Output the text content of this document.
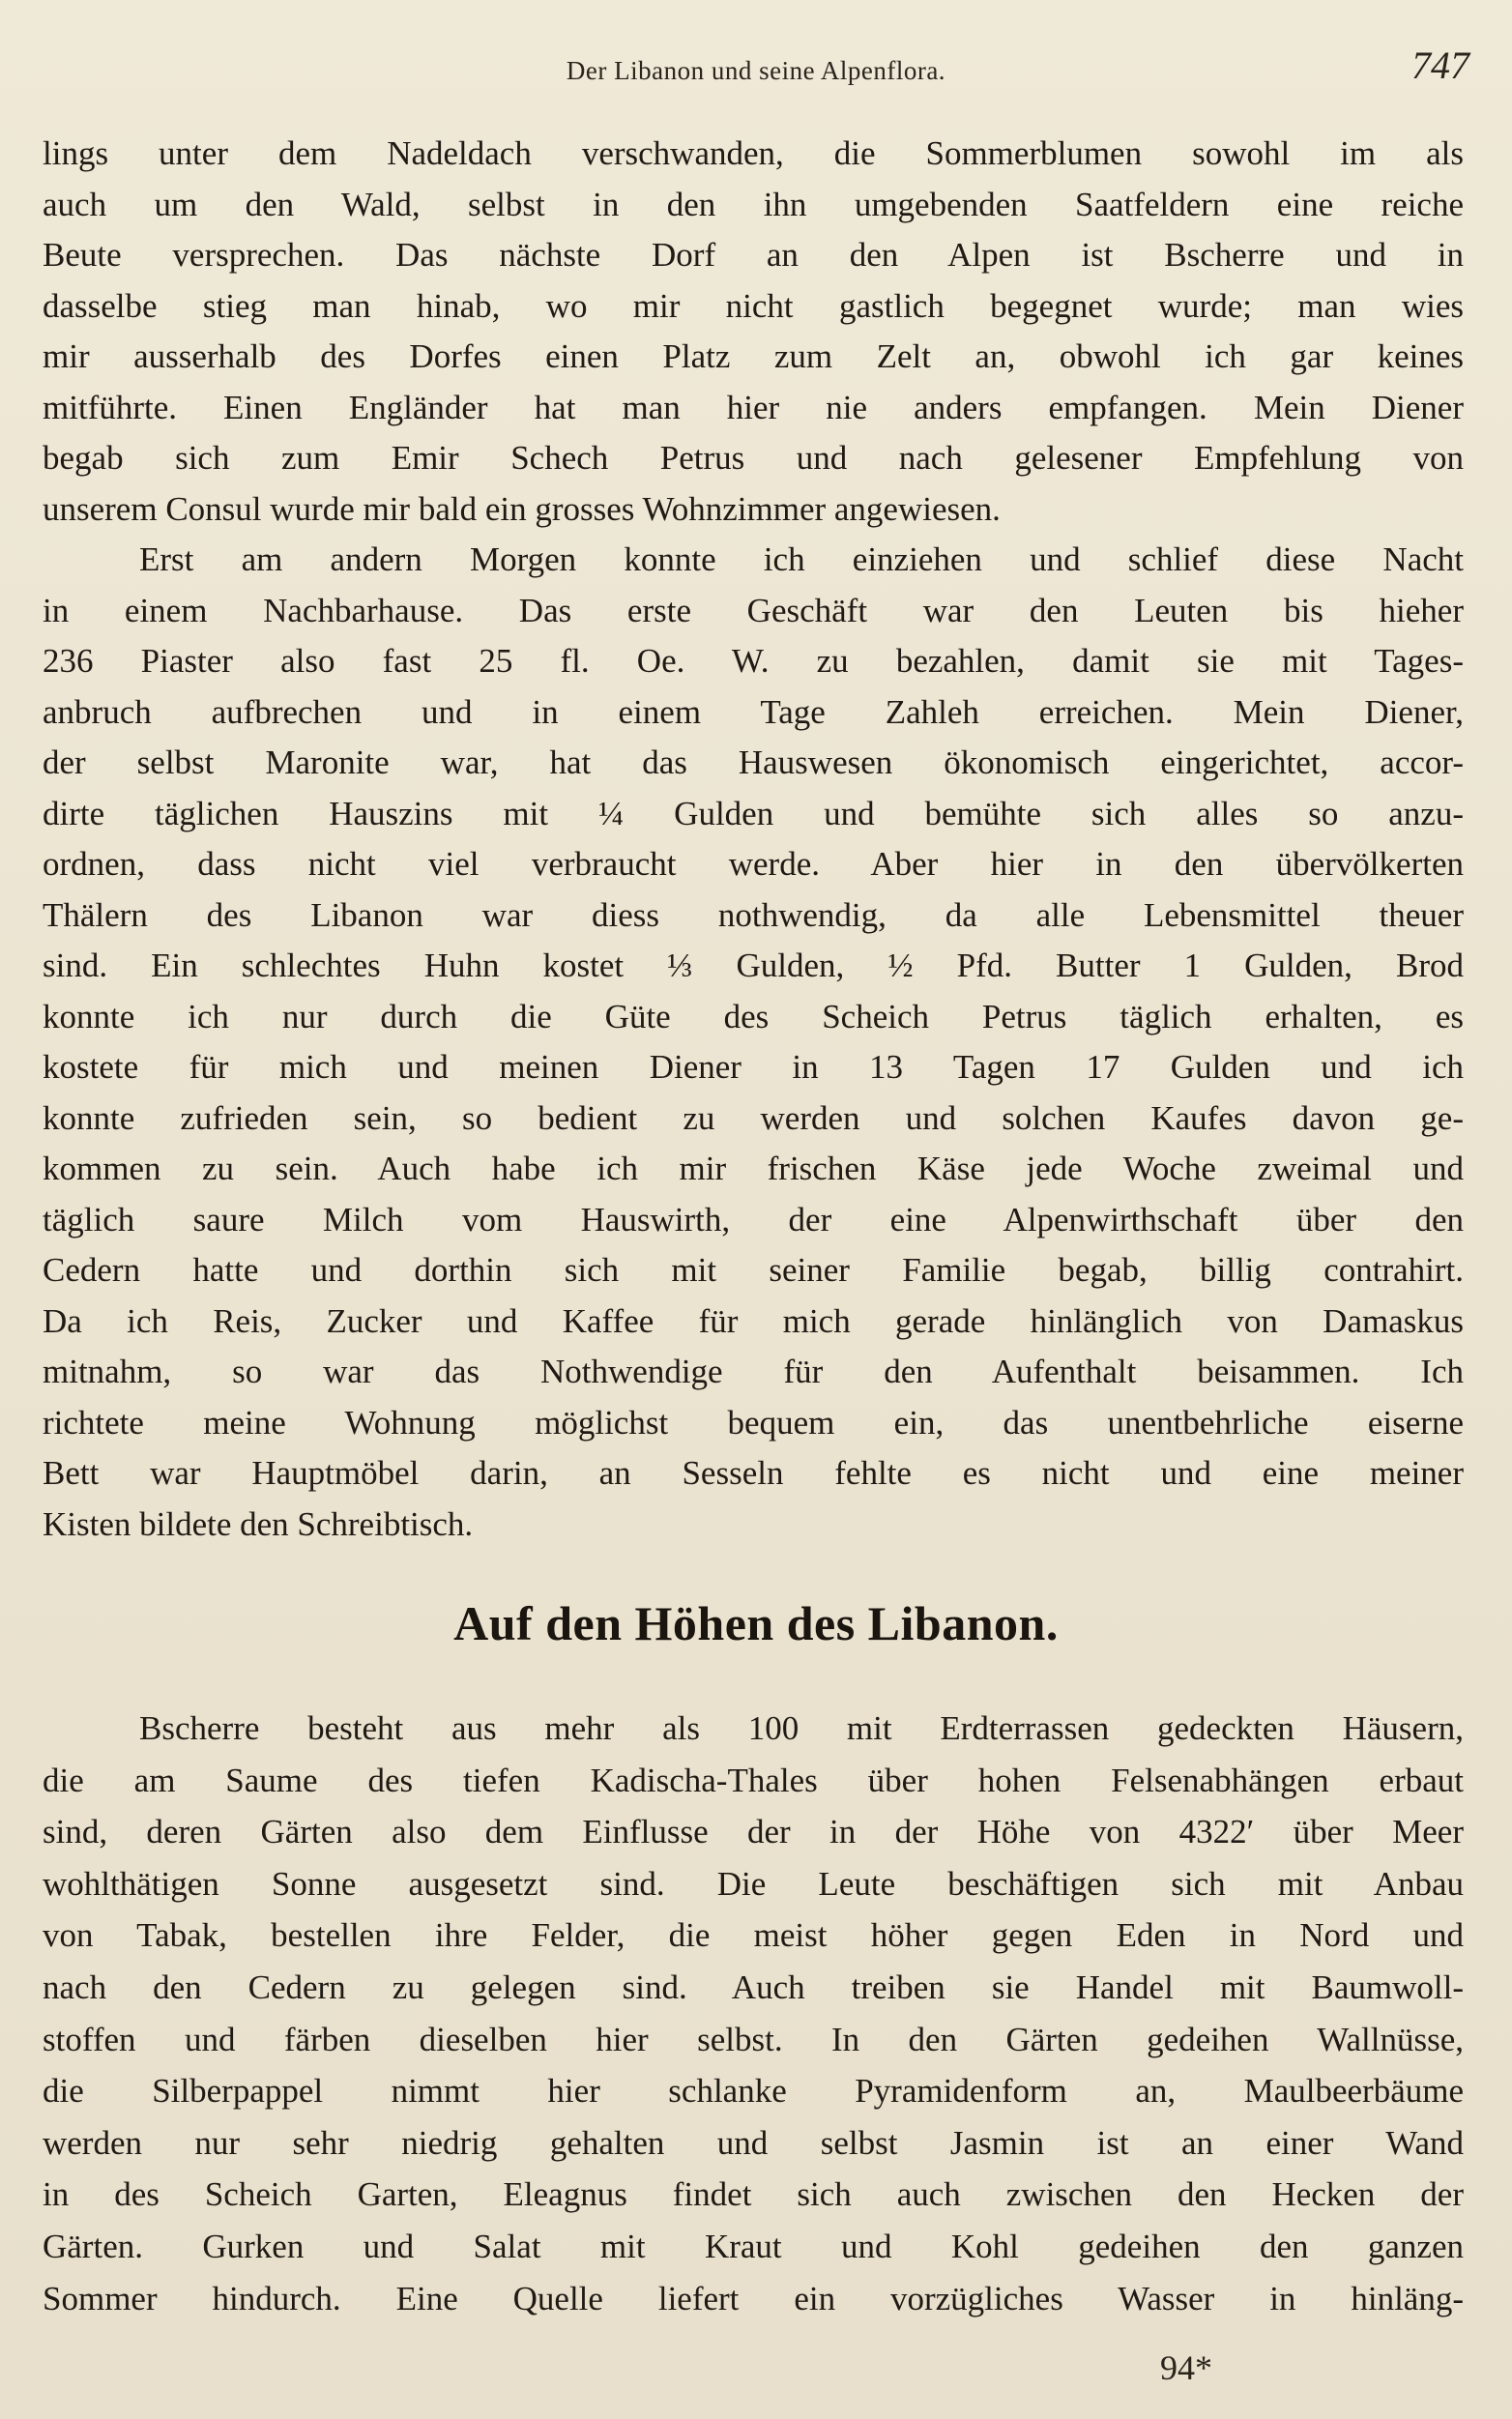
Der Libanon und seine Alpenflora.	747
lings unter dem Nadeldach verschwanden, die Sommerblumen sowohl im als
auch um den Wald, selbst in den ihn umgebenden Saatfeldern eine reiche
Beute versprechen. Das nächste Dorf an den Alpen ist Bscherre und in
dasselbe stieg man hinab, wo mir nicht gastlich begegnet wurde; man wies
mir ausserhalb des Dorfes einen Platz zum Zelt an, obwohl ich gar keines
mitführte. Einen Engländer hat man hier nie anders empfangen. Mein Diener
begab sich zum Emir Schech Petrus und nach gelesener Empfehlung von
unserem Consul wurde mir bald ein grosses Wohnzimmer angewiesen.
Erst am andern Morgen konnte ich einziehen und schlief diese Nacht
in einem Nachbarhause. Das erste Geschäft war den Leuten bis hieher
236 Piaster also fast 25 fl. Oe. W. zu bezahlen, damit sie mit Tages-
anbruch aufbrechen und in einem Tage Zahleh erreichen. Mein Diener,
der selbst Maronite war, hat das Hauswesen ökonomisch eingerichtet, accor-
dirte täglichen Hauszins mit ¼ Gulden und bemühte sich alles so anzu-
ordnen, dass nicht viel verbraucht werde. Aber hier in den übervölkerten
Thälern des Libanon war diess nothwendig, da alle Lebensmittel theuer
sind. Ein schlechtes Huhn kostet ⅓ Gulden, ½ Pfd. Butter 1 Gulden, Brod
konnte ich nur durch die Güte des Scheich Petrus täglich erhalten, es
kostete für mich und meinen Diener in 13 Tagen 17 Gulden und ich
konnte zufrieden sein, so bedient zu werden und solchen Kaufes davon ge-
kommen zu sein. Auch habe ich mir frischen Käse jede Woche zweimal und
täglich saure Milch vom Hauswirth, der eine Alpenwirthschaft über den
Cedern hatte und dorthin sich mit seiner Familie begab, billig contrahirt.
Da ich Reis, Zucker und Kaffee für mich gerade hinlänglich von Damaskus
mitnahm, so war das Nothwendige für den Aufenthalt beisammen. Ich
richtete meine Wohnung möglichst bequem ein, das unentbehrliche eiserne
Bett war Hauptmöbel darin, an Sesseln fehlte es nicht und eine meiner
Kisten bildete den Schreibtisch.
Auf den Höhen des Libanon.
Bscherre besteht aus mehr als 100 mit Erdterrassen gedeckten Häusern,
die am Saume des tiefen Kadischa-Thales über hohen Felsenabhängen erbaut
sind, deren Gärten also dem Einflusse der in der Höhe von 4322′ über Meer
wohlthätigen Sonne ausgesetzt sind. Die Leute beschäftigen sich mit Anbau
von Tabak, bestellen ihre Felder, die meist höher gegen Eden in Nord und
nach den Cedern zu gelegen sind. Auch treiben sie Handel mit Baumwoll-
stoffen und färben dieselben hier selbst. In den Gärten gedeihen Wallnüsse,
die Silberpappel nimmt hier schlanke Pyramidenform an, Maulbeerbäume
werden nur sehr niedrig gehalten und selbst Jasmin ist an einer Wand
in des Scheich Garten, Eleagnus findet sich auch zwischen den Hecken der
Gärten. Gurken und Salat mit Kraut und Kohl gedeihen den ganzen
Sommer hindurch. Eine Quelle liefert ein vorzügliches Wasser in hinläng-
94*
